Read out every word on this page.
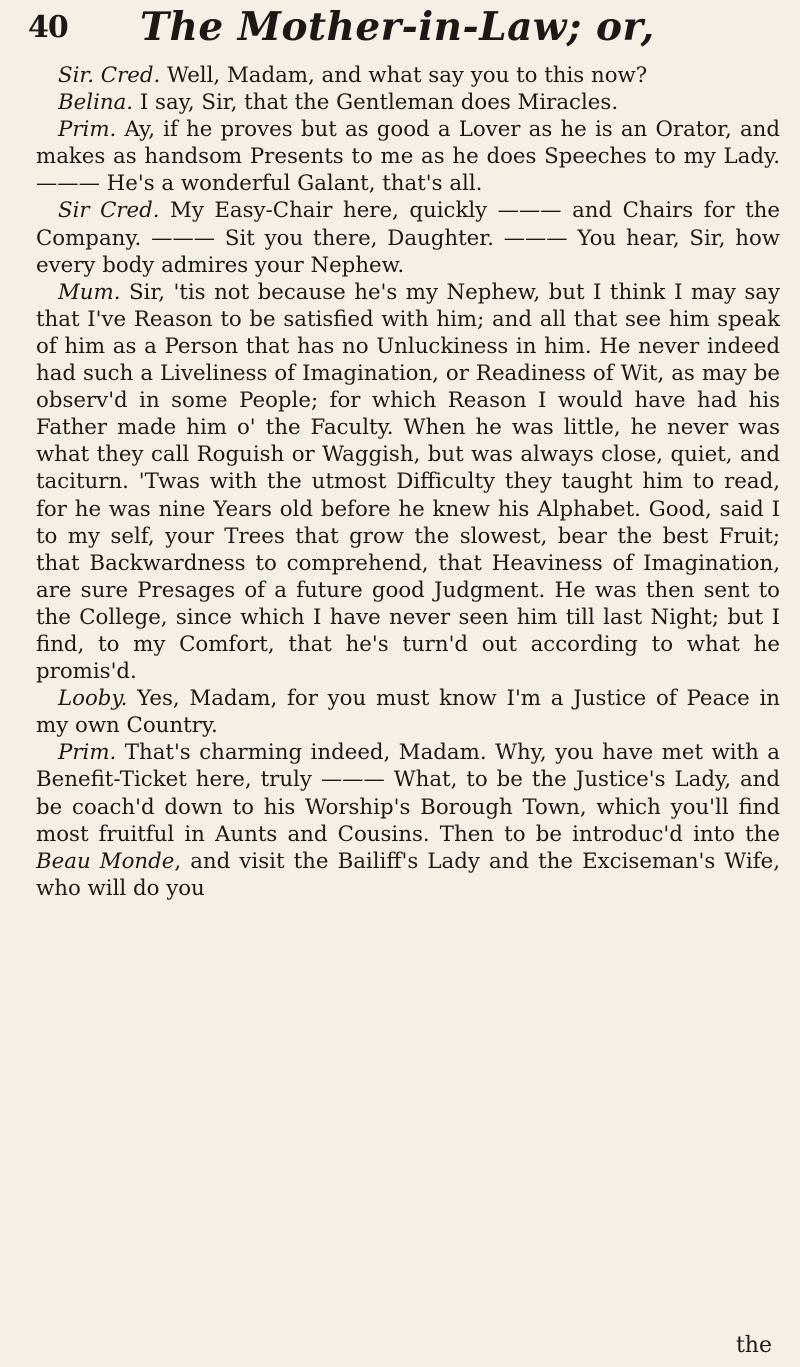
40 The Mother-in-Law; or,

Sir. Cred. Well, Madam, and what say you to this now?

Belina. I say, Sir, that the Gentleman does Miracles.

Prim. Ay, if he proves but as good a Lover as he is an Orator, and makes as handsom Presents to me as he does Speeches to my Lady. ——— He's a wonderful Galant, that's all.

Sir Cred. My Easy-Chair here, quickly ——— and Chairs for the Company. ——— Sit you there, Daughter. ——— You hear, Sir, how every body admires your Nephew.

Mum. Sir, 'tis not because he's my Nephew, but I think I may say that I've Reason to be satisfied with him; and all that see him speak of him as a Person that has no Unluckiness in him. He never indeed had such a Liveliness of Imagination, or Readiness of Wit, as may be observ'd in some People; for which Reason I would have had his Father made him o' the Faculty. When he was little, he never was what they call Roguish or Waggish, but was always close, quiet, and taciturn. 'Twas with the utmost Difficulty they taught him to read, for he was nine Years old before he knew his Alphabet. Good, said I to my self, your Trees that grow the slowest, bear the best Fruit; that Backwardness to comprehend, that Heaviness of Imagination, are sure Presages of a future good Judgment. He was then sent to the College, since which I have never seen him till last Night; but I find, to my Comfort, that he's turn'd out according to what he promis'd.

Looby. Yes, Madam, for you must know I'm a Justice of Peace in my own Country.

Prim. That's charming indeed, Madam. Why, you have met with a Benefit-Ticket here, truly ——— What, to be the Justice's Lady, and be coach'd down to his Worship's Borough Town, which you'll find most fruitful in Aunts and Cousins. Then to be introduc'd into the Beau Monde, and visit the Bailiff's Lady and the Exciseman's Wife, who will do you

the
